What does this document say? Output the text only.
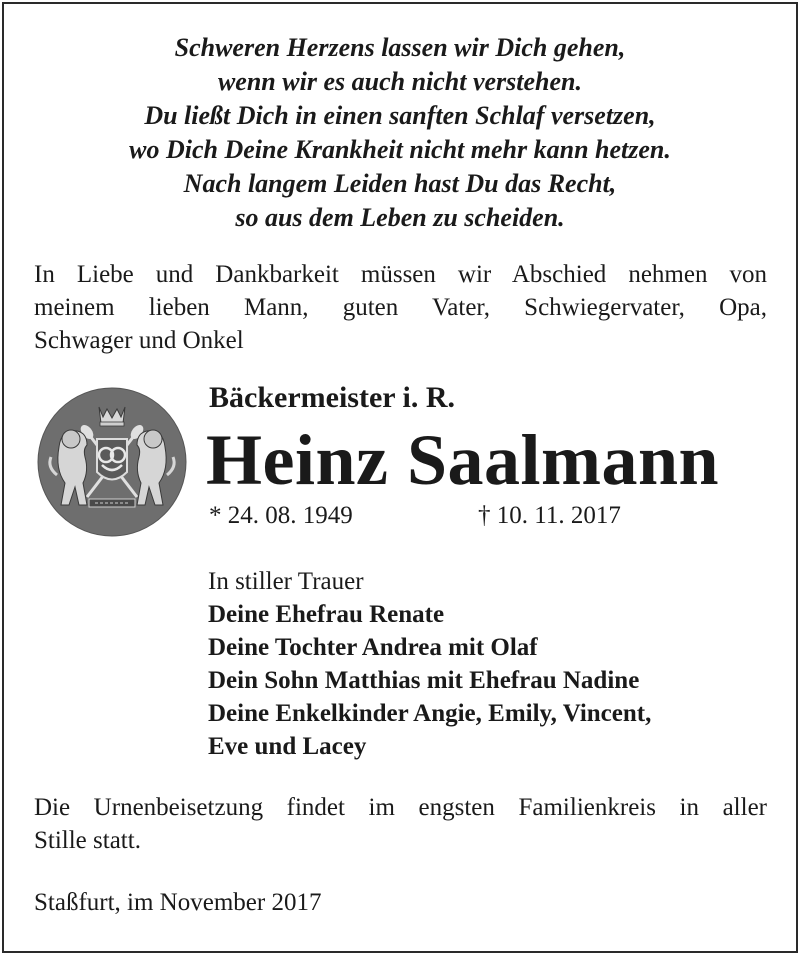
Schweren Herzens lassen wir Dich gehen,
wenn wir es auch nicht verstehen.
Du ließt Dich in einen sanften Schlaf versetzen,
wo Dich Deine Krankheit nicht mehr kann hetzen.
Nach langem Leiden hast Du das Recht,
so aus dem Leben zu scheiden.
In Liebe und Dankbarkeit müssen wir Abschied nehmen von
meinem lieben Mann, guten Vater, Schwiegervater, Opa,
Schwager und Onkel
Bäckermeister i. R.
Heinz Saalmann
* 24. 08. 1949	† 10. 11. 2017
In stiller Trauer
Deine Ehefrau Renate
Deine Tochter Andrea mit Olaf
Dein Sohn Matthias mit Ehefrau Nadine
Deine Enkelkinder Angie, Emily, Vincent,
Eve und Lacey
Die Urnenbeisetzung findet im engsten Familienkreis in aller
Stille statt.
Staßfurt, im November 2017
